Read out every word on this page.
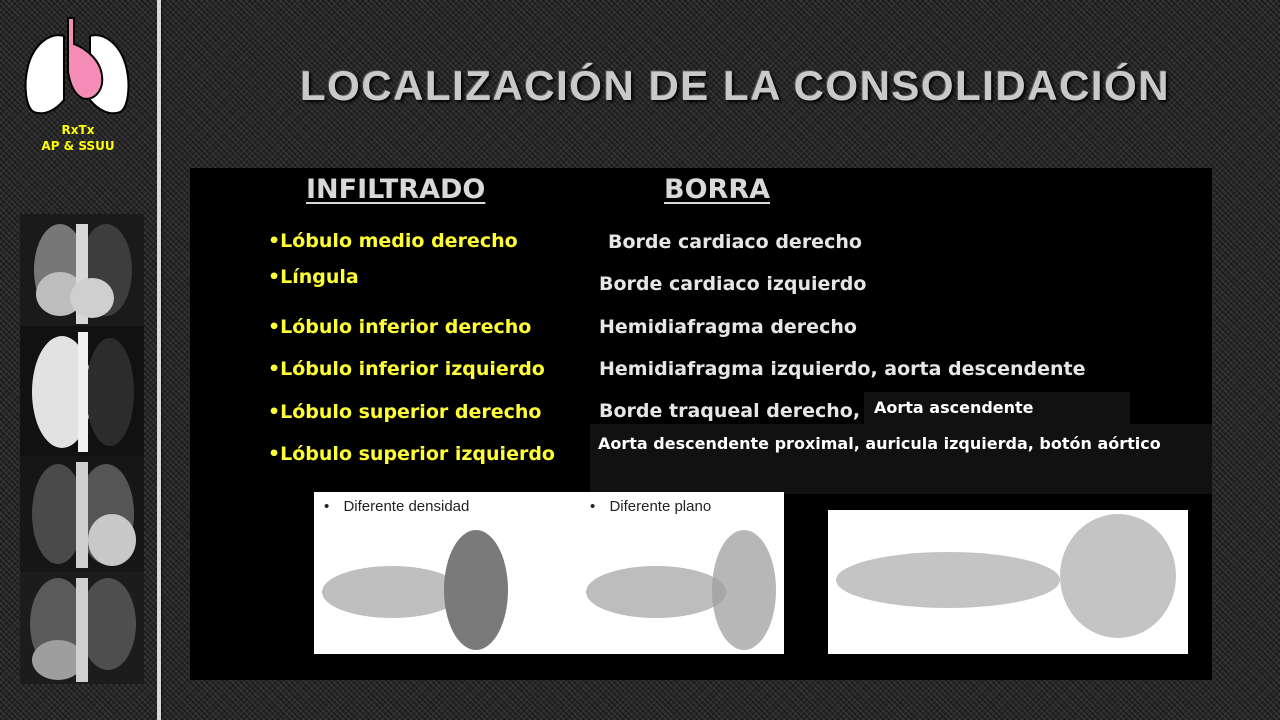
RxTx
AP & SSUU
LOCALIZACIÓN DE LA CONSOLIDACIÓN
INFILTRADO	BORRA
•Lóbulo medio derecho
•Língula
•Lóbulo inferior derecho
•Lóbulo inferior izquierdo
•Lóbulo superior derecho
•Lóbulo superior izquierdo
Borde cardiaco derecho
Borde cardiaco izquierdo
Hemidiafragma derecho
Hemidiafragma izquierdo, aorta descendente
Borde traqueal derecho, Aorta ascendente
Aorta descendente proximal, auricula izquierda, botón aórtico
• Diferente densidad	• Diferente plano
